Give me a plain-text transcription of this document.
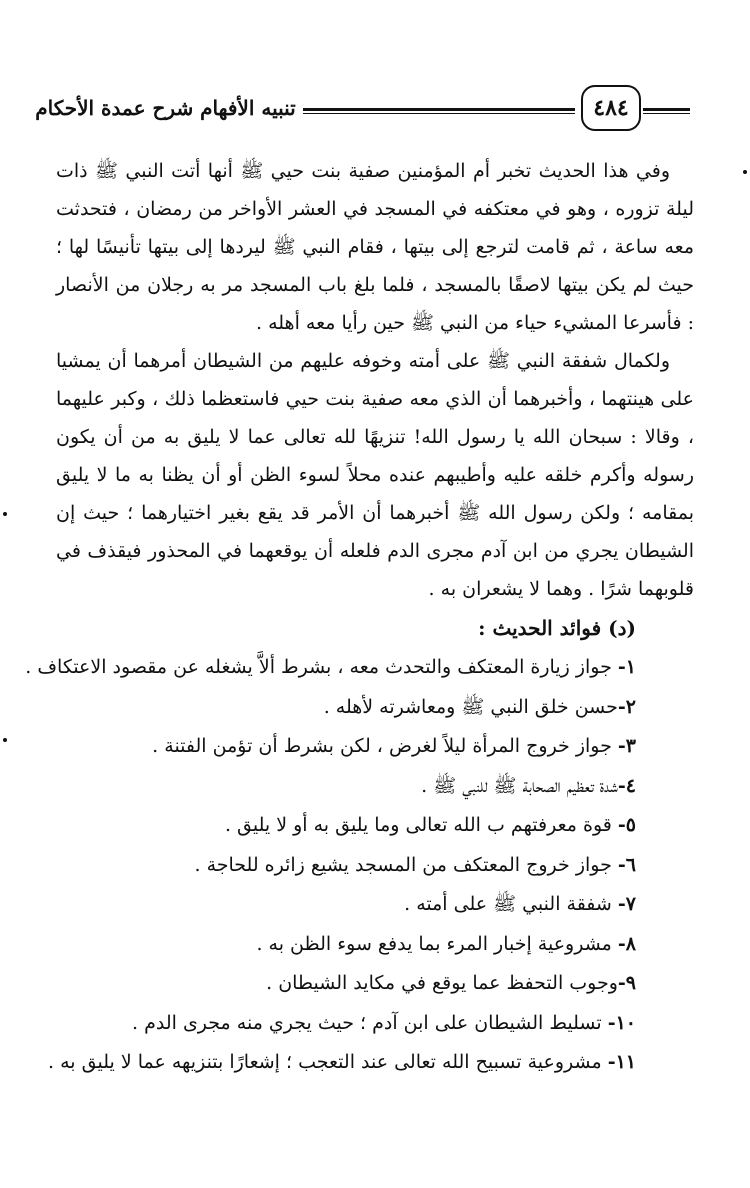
تنبيه الأفهام شرح عمدة الأحكام	٤٨٤

وفي هذا الحديث تخبر أم المؤمنين صفية بنت حيي ﷺ أنها أتت النبي ﷺ ذات ليلة تزوره ، وهو في معتكفه في المسجد في العشر الأواخر من رمضان ، فتحدثت معه ساعة ، ثم قامت لترجع إلى بيتها ، فقام النبي ﷺ ليردها إلى بيتها تأنيسًا لها ؛ حيث لم يكن بيتها لاصقًا بالمسجد ، فلما بلغ باب المسجد مر به رجلان من الأنصار : فأسرعا المشيء حياء من النبي ﷺ حين رأيا معه أهله .

ولكمال شفقة النبي ﷺ على أمته وخوفه عليهم من الشيطان أمرهما أن يمشيا على هينتهما ، وأخبرهما أن الذي معه صفية بنت حيي فاستعظما ذلك ، وكبر عليهما ، وقالا : سبحان الله يا رسول الله! تنزيهًا لله تعالى عما لا يليق به من أن يكون رسوله وأكرم خلقه عليه وأطيبهم عنده محلاً لسوء الظن أو أن يظنا به ما لا يليق بمقامه ؛ ولكن رسول الله ﷺ أخبرهما أن الأمر قد يقع بغير اختيارهما ؛ حيث إن الشيطان يجري من ابن آدم مجرى الدم فلعله أن يوقعهما في المحذور فيقذف في قلوبهما شرًا . وهما لا يشعران به .

(د) فوائد الحديث :

١- جواز زيارة المعتكف والتحدث معه ، بشرط ألاَّ يشغله عن مقصود الاعتكاف .
٢-حسن خلق النبي ﷺ ومعاشرته لأهله .
٣- جواز خروج المرأة ليلاً لغرض ، لكن بشرط أن تؤمن الفتنة .
٤-شدة تعظيم الصحابة ﷺ للنبي ﷺ .
٥- قوة معرفتهم ب الله تعالى وما يليق به أو لا يليق .
٦- جواز خروج المعتكف من المسجد يشيع زائره للحاجة .
٧- شفقة النبي ﷺ على أمته .
٨- مشروعية إخبار المرء بما يدفع سوء الظن به .
٩-وجوب التحفظ عما يوقع في مكايد الشيطان .
١٠- تسليط الشيطان على ابن آدم ؛ حيث يجري منه مجرى الدم .
١١- مشروعية تسبيح الله تعالى عند التعجب ؛ إشعارًا بتنزيهه عما لا يليق به .
